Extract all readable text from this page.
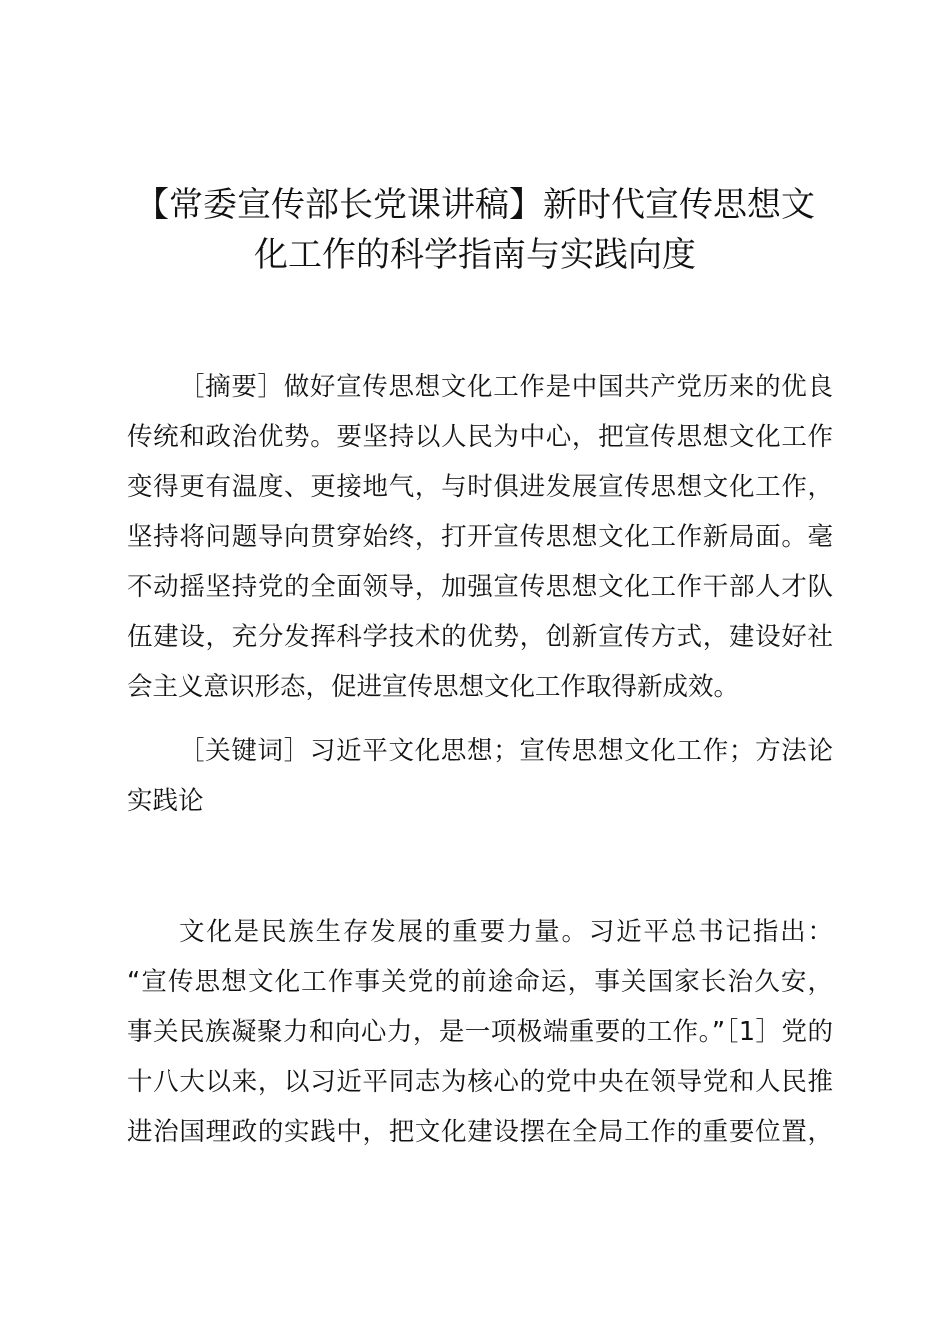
【常委宣传部长党课讲稿】新时代宣传思想文
化工作的科学指南与实践向度

［摘要］做好宣传思想文化工作是中国共产党历来的优良
传统和政治优势。要坚持以人民为中心，把宣传思想文化工作
变得更有温度、更接地气，与时俱进发展宣传思想文化工作，
坚持将问题导向贯穿始终，打开宣传思想文化工作新局面。毫
不动摇坚持党的全面领导，加强宣传思想文化工作干部人才队
伍建设，充分发挥科学技术的优势，创新宣传方式，建设好社
会主义意识形态，促进宣传思想文化工作取得新成效。

［关键词］习近平文化思想；宣传思想文化工作；方法论
实践论

文化是民族生存发展的重要力量。习近平总书记指出：
“宣传思想文化工作事关党的前途命运，事关国家长治久安，
事关民族凝聚力和向心力，是一项极端重要的工作。”［1］党的
十八大以来，以习近平同志为核心的党中央在领导党和人民推
进治国理政的实践中，把文化建设摆在全局工作的重要位置，
